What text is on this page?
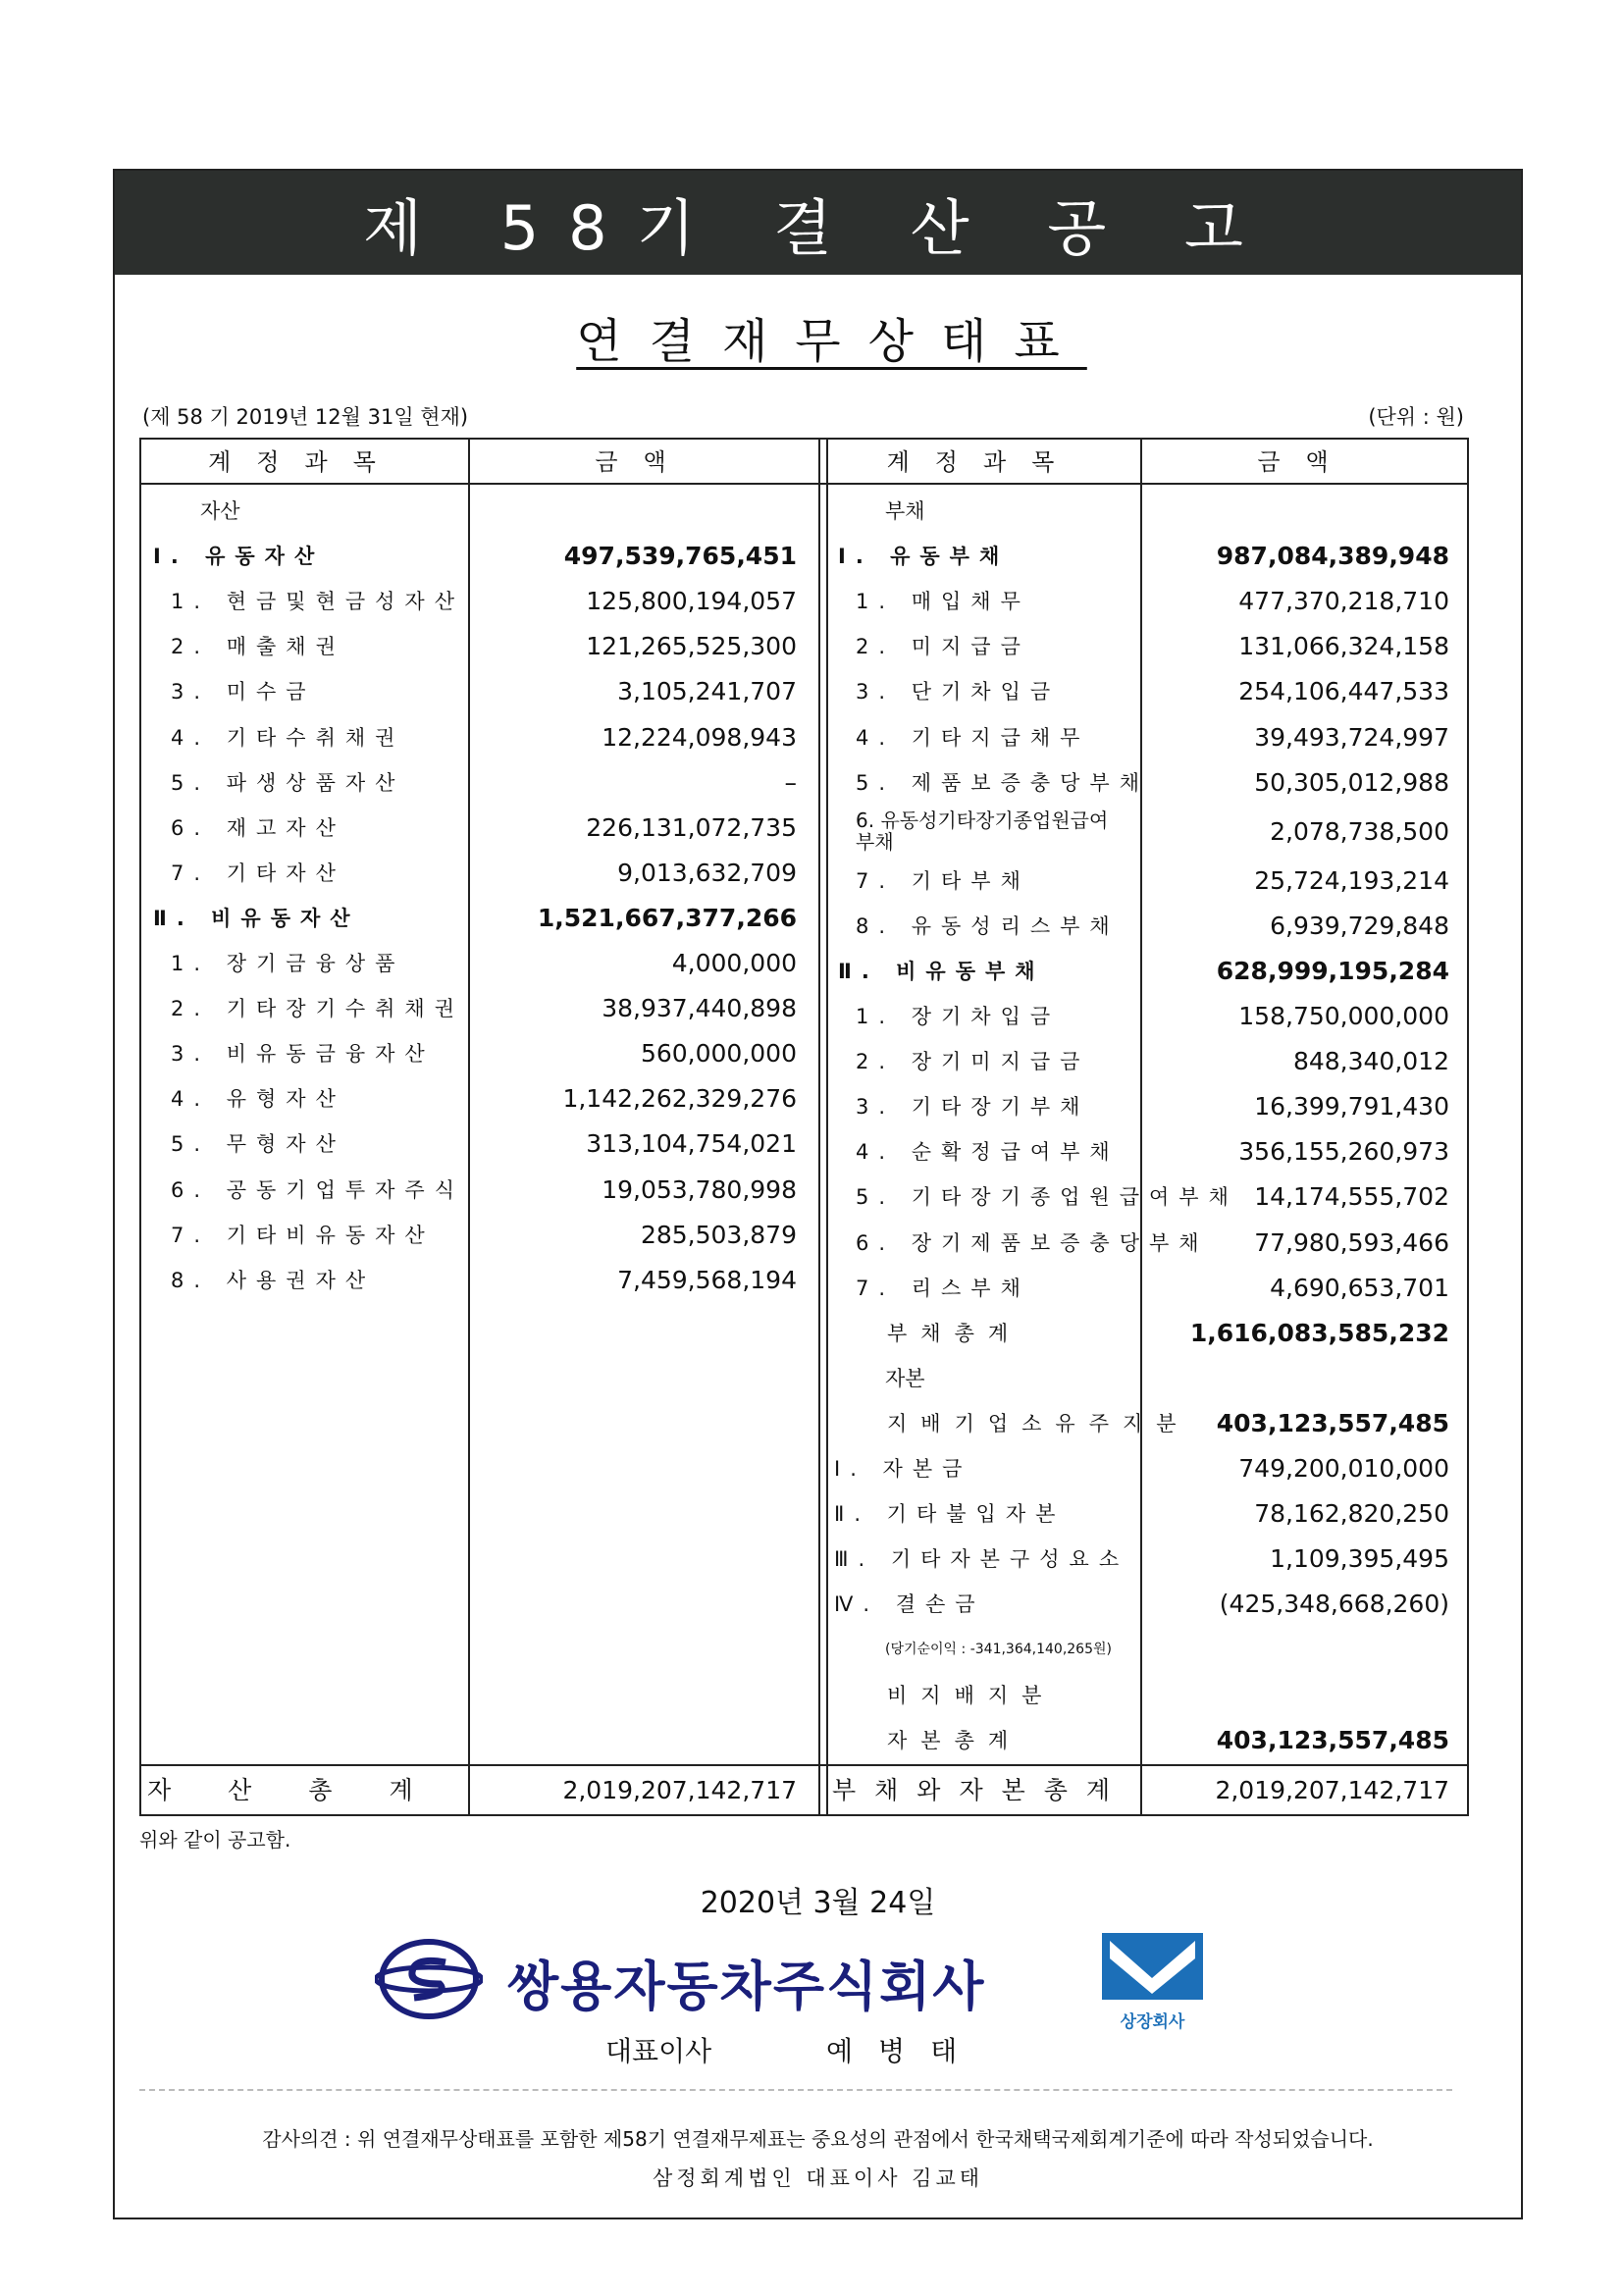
제 58기 결 산 공 고
연결재무상태표
(제 58 기 2019년 12월 31일 현재)	(단위 : 원)
계정과목	금액	계정과목	금액
자산
Ⅰ. 유동자산	497,539,765,451
1. 현금및현금성자산	125,800,194,057
2. 매출채권	121,265,525,300
3. 미수금	3,105,241,707
4. 기타수취채권	12,224,098,943
5. 파생상품자산	–
6. 재고자산	226,131,072,735
7. 기타자산	9,013,632,709
Ⅱ. 비유동자산	1,521,667,377,266
1. 장기금융상품	4,000,000
2. 기타장기수취채권	38,937,440,898
3. 비유동금융자산	560,000,000
4. 유형자산	1,142,262,329,276
5. 무형자산	313,104,754,021
6. 공동기업투자주식	19,053,780,998
7. 기타비유동자산	285,503,879
8. 사용권자산	7,459,568,194
부채
Ⅰ. 유동부채	987,084,389,948
1. 매입채무	477,370,218,710
2. 미지급금	131,066,324,158
3. 단기차입금	254,106,447,533
4. 기타지급채무	39,493,724,997
5. 제품보증충당부채	50,305,012,988
6. 유동성기타장기종업원급여부채	2,078,738,500
7. 기타부채	25,724,193,214
8. 유동성리스부채	6,939,729,848
Ⅱ. 비유동부채	628,999,195,284
1. 장기차입금	158,750,000,000
2. 장기미지급금	848,340,012
3. 기타장기부채	16,399,791,430
4. 순확정급여부채	356,155,260,973
5. 기타장기종업원급여부채 14,174,555,702
6. 장기제품보증충당부채	77,980,593,466
7. 리스부채	4,690,653,701
부채총계	1,616,083,585,232
자본
지배기업소유주지분	403,123,557,485
Ⅰ. 자본금	749,200,010,000
Ⅱ. 기타불입자본	78,162,820,250
Ⅲ. 기타자본구성요소	1,109,395,495
Ⅳ. 결손금	(425,348,668,260)
(당기순이익 : -341,364,140,265원)
비지배지분
자본총계	403,123,557,485
자산총계	2,019,207,142,717 부채와자본총계	2,019,207,142,717
위와 같이 공고함.
2020년 3월 24일
쌍용자동차주식회사
상장회사
대표이사	예병태
감사의견 : 위 연결재무상태표를 포함한 제58기 연결재무제표는 중요성의 관점에서 한국채택국제회계기준에 따라 작성되었습니다.
삼정회계법인 대표이사 김교태
